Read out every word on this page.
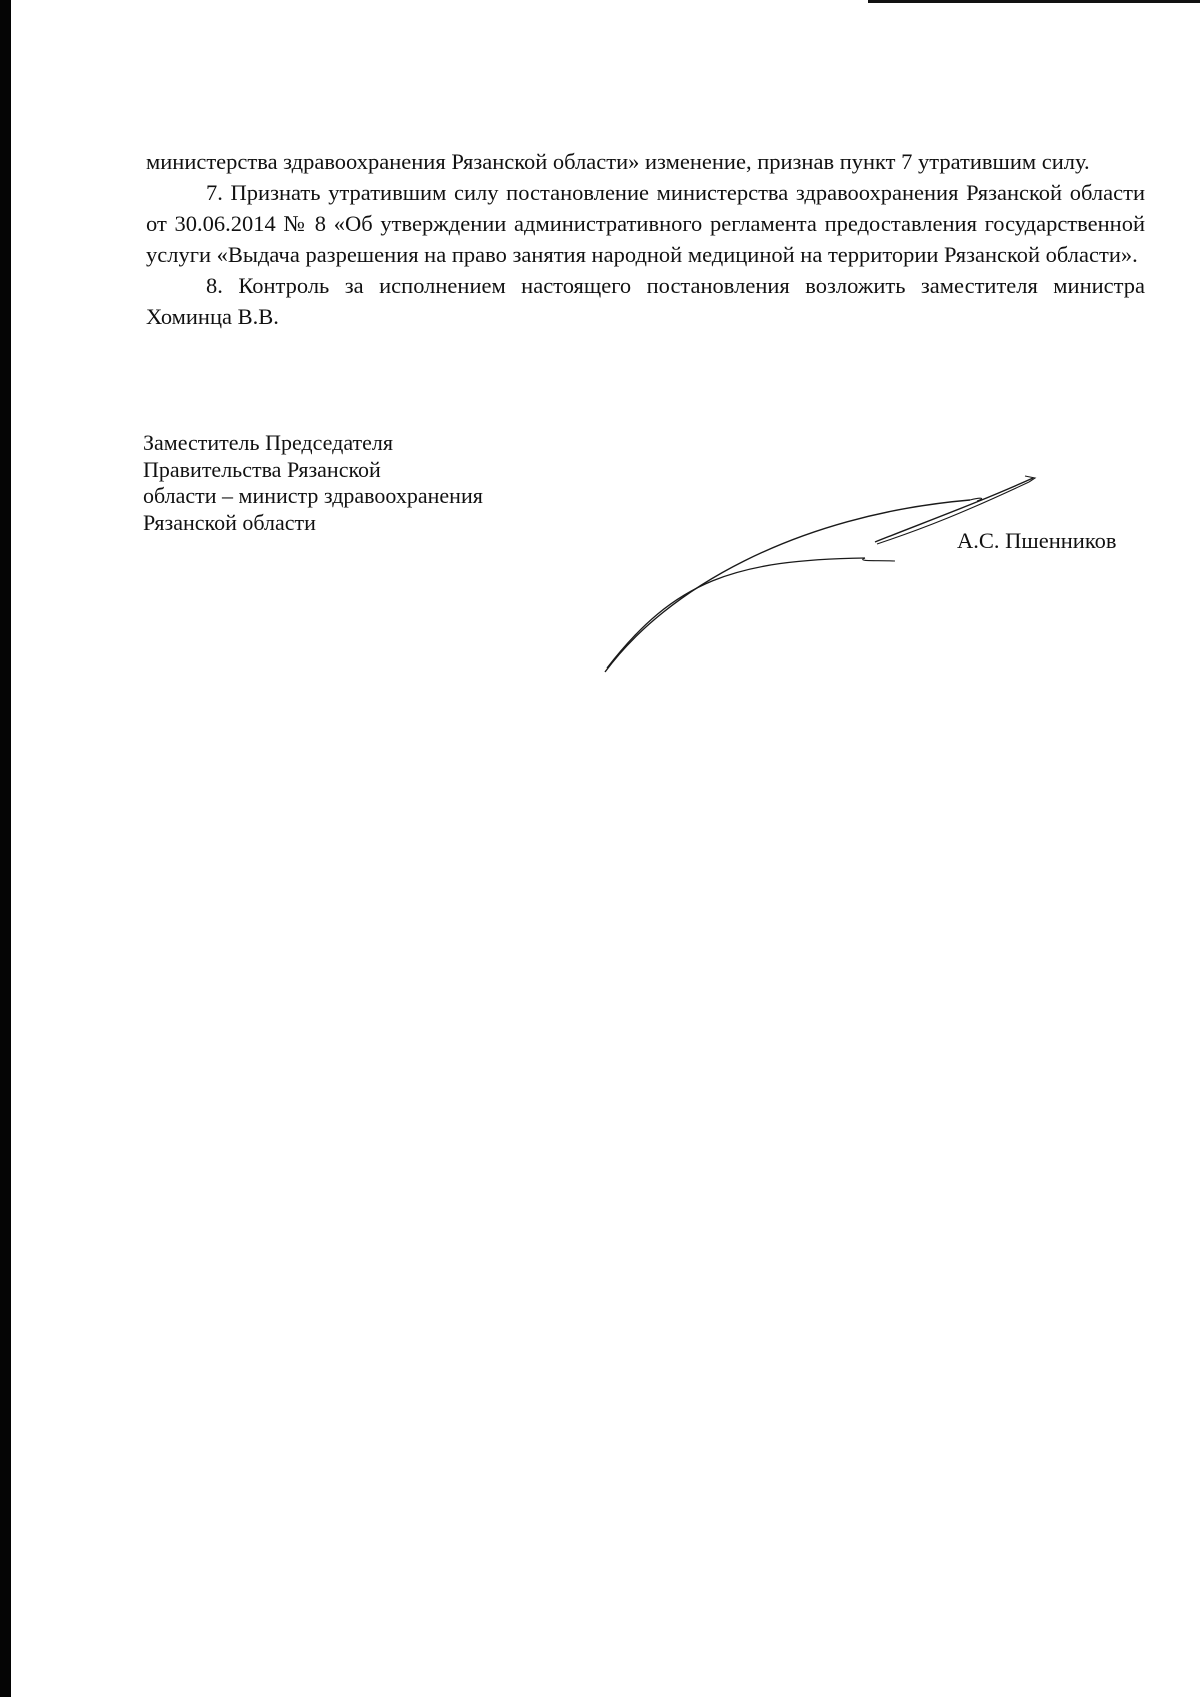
министерства здравоохранения Рязанской области» изменение, признав пункт 7 утратившим силу.

7. Признать утратившим силу постановление министерства здравоохранения Рязанской области от 30.06.2014 № 8 «Об утверждении административного регламента предоставления государственной услуги «Выдача разрешения на право занятия народной медициной на территории Рязанской области».

8. Контроль за исполнением настоящего постановления возложить заместителя министра Хоминца В.В.

Заместитель Председателя
Правительства Рязанской
области – министр здравоохранения
Рязанской области

А.С. Пшенников
